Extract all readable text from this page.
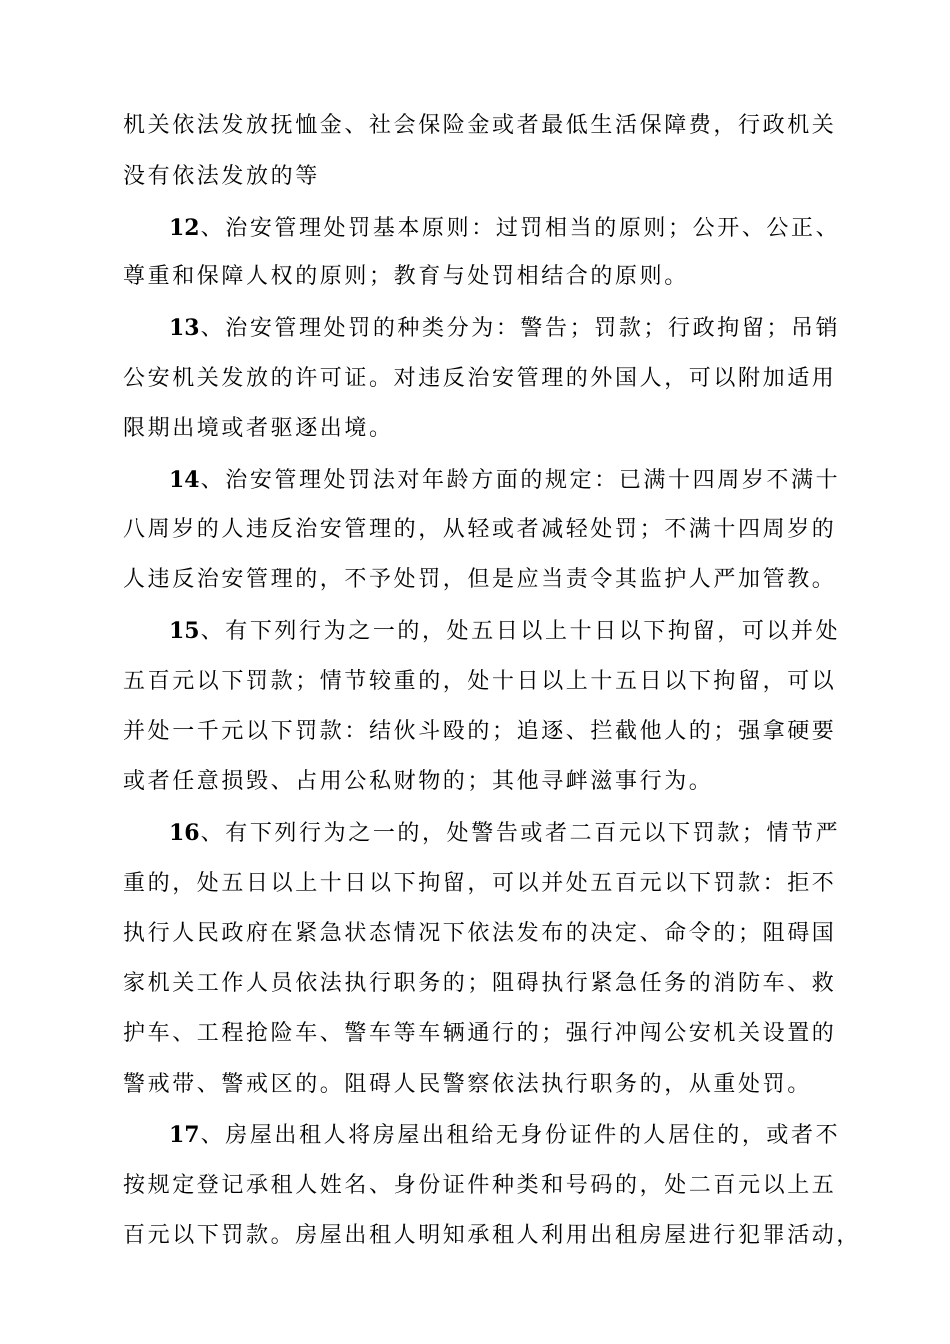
机关依法发放抚恤金、社会保险金或者最低生活保障费，行政机关
没有依法发放的等
12、治安管理处罚基本原则：过罚相当的原则；公开、公正、
尊重和保障人权的原则；教育与处罚相结合的原则。
13、治安管理处罚的种类分为：警告；罚款；行政拘留；吊销
公安机关发放的许可证。对违反治安管理的外国人，可以附加适用
限期出境或者驱逐出境。
14、治安管理处罚法对年龄方面的规定：已满十四周岁不满十
八周岁的人违反治安管理的，从轻或者减轻处罚；不满十四周岁的
人违反治安管理的，不予处罚，但是应当责令其监护人严加管教。
15、有下列行为之一的，处五日以上十日以下拘留，可以并处
五百元以下罚款；情节较重的，处十日以上十五日以下拘留，可以
并处一千元以下罚款：结伙斗殴的；追逐、拦截他人的；强拿硬要
或者任意损毁、占用公私财物的；其他寻衅滋事行为。
16、有下列行为之一的，处警告或者二百元以下罚款；情节严
重的，处五日以上十日以下拘留，可以并处五百元以下罚款：拒不
执行人民政府在紧急状态情况下依法发布的决定、命令的；阻碍国
家机关工作人员依法执行职务的；阻碍执行紧急任务的消防车、救
护车、工程抢险车、警车等车辆通行的；强行冲闯公安机关设置的
警戒带、警戒区的。阻碍人民警察依法执行职务的，从重处罚。
17、房屋出租人将房屋出租给无身份证件的人居住的，或者不
按规定登记承租人姓名、身份证件种类和号码的，处二百元以上五
百元以下罚款。房屋出租人明知承租人利用出租房屋进行犯罪活动，
